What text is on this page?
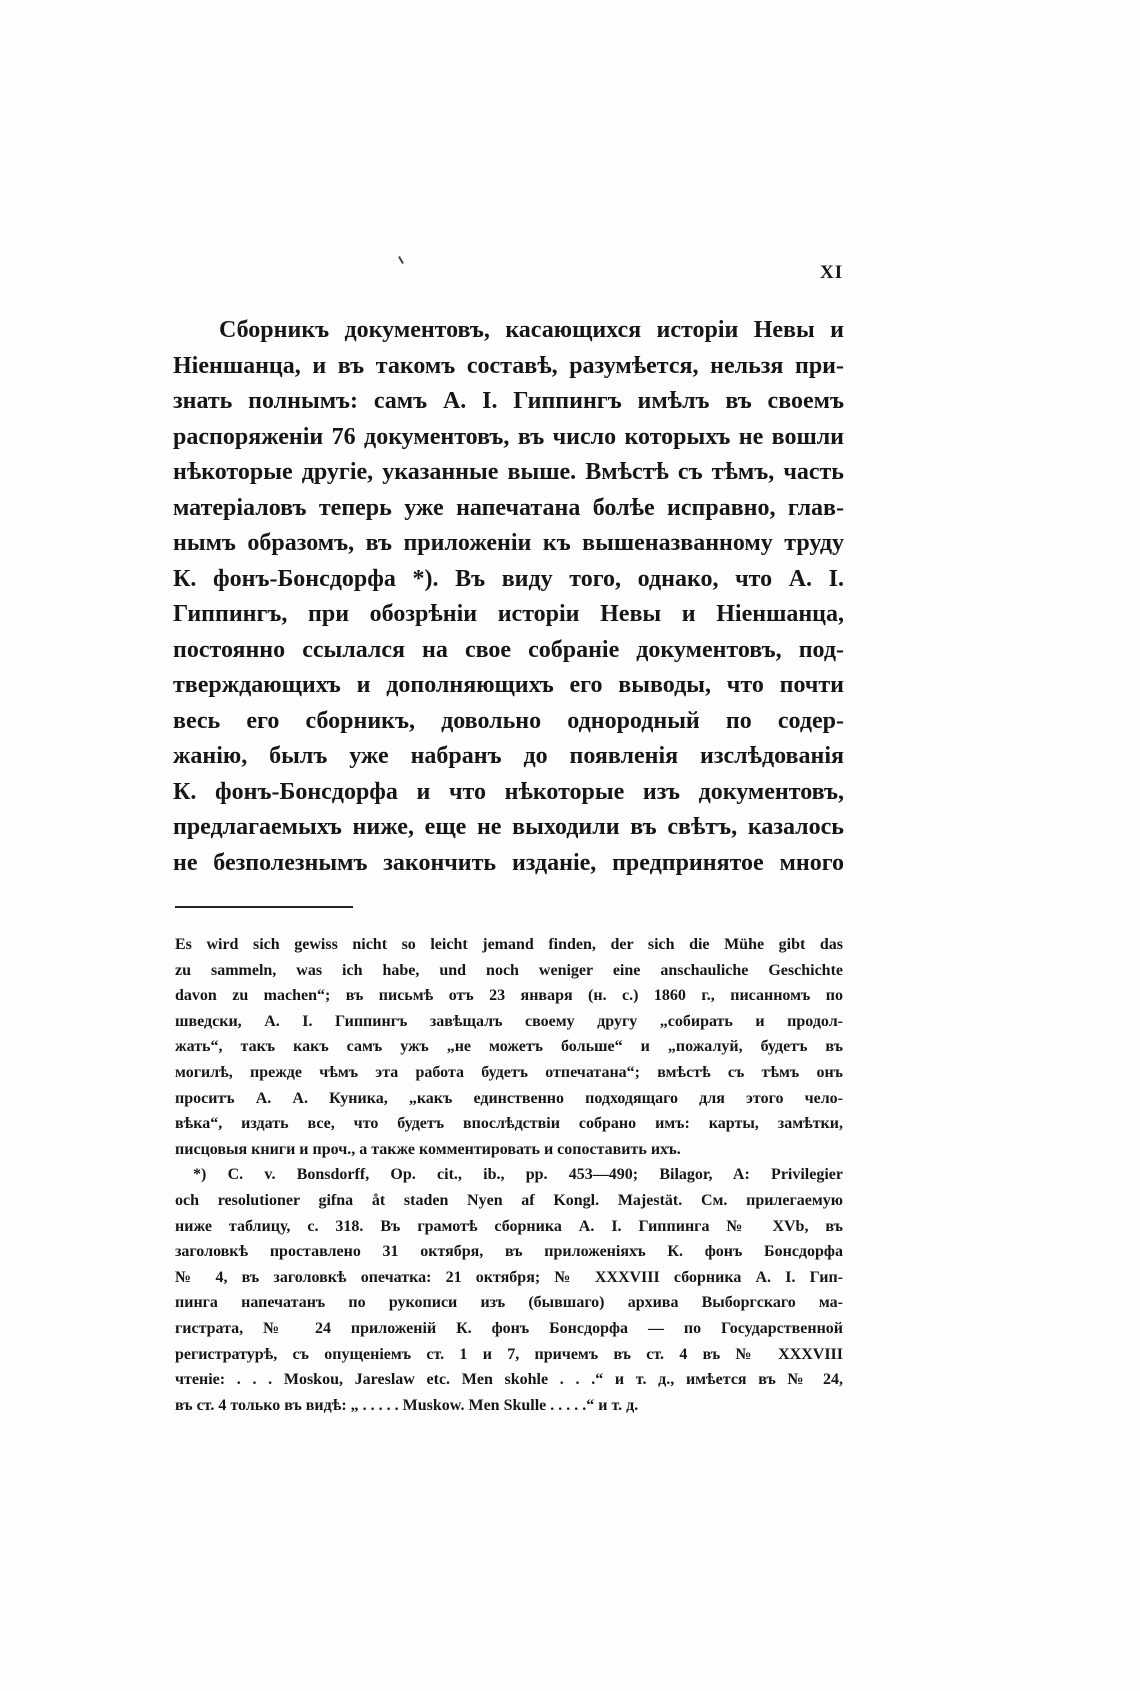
XI
Сборникъ документовъ, касающихся исторіи Невы и
Ніеншанца, и въ такомъ составѣ, разумѣется, нельзя при-
знать полнымъ: самъ А. I. Гиппингъ имѣлъ въ своемъ
распоряженіи 76 документовъ, въ число которыхъ не вошли
нѣкоторые другіе, указанные выше. Вмѣстѣ съ тѣмъ, часть
матеріаловъ теперь уже напечатана болѣе исправно, глав-
нымъ образомъ, въ приложеніи къ вышеназванному труду
К. фонъ-Бонсдорфа *). Въ виду того, однако, что А. I.
Гиппингъ, при обозрѣніи исторіи Невы и Ніеншанца,
постоянно ссылался на свое собраніе документовъ, под-
тверждающихъ и дополняющихъ его выводы, что почти
весь его сборникъ, довольно однородный по содер-
жанію, былъ уже набранъ до появленія изслѣдованія
К. фонъ-Бонсдорфа и что нѣкоторые изъ документовъ,
предлагаемыхъ ниже, еще не выходили въ свѣтъ, казалось
не безполезнымъ закончить изданіе, предпринятое много
Es wird sich gewiss nicht so leicht jemand finden, der sich die Mühe gibt das
zu sammeln, was ich habe, und noch weniger eine anschauliche Geschichte
davon zu machen“; въ письмѣ отъ 23 января (н. с.) 1860 г., писанномъ по
шведски, А. I. Гиппингъ завѣщалъ своему другу „собирать и продол-
жать“, такъ какъ самъ ужъ „не можетъ больше“ и „пожалуй, будетъ въ
могилѣ, прежде чѣмъ эта работа будетъ отпечатана“; вмѣстѣ съ тѣмъ онъ
проситъ А. А. Куника, „какъ единственно подходящаго для этого чело-
вѣка“, издать все, что будетъ впослѣдствіи собрано имъ: карты, замѣтки,
писцовыя книги и проч., а также комментировать и сопоставить ихъ.
*) C. v. Bonsdorff, Op. cit., ib., pp. 453—490; Bilagor, A: Privilegier
och resolutioner gifna åt staden Nyen af Kongl. Majestät. См. прилегаемую
ниже таблицу, с. 318. Въ грамотѣ сборника А. I. Гиппинга № XVb, въ
заголовкѣ проставлено 31 октября, въ приложеніяхъ К. фонъ Бонсдорфа
№ 4, въ заголовкѣ опечатка: 21 октября; № XXXVIII сборника А. I. Гип-
пинга напечатанъ по рукописи изъ (бывшаго) архива Выборгскаго ма-
гистрата, № 24 приложеній К. фонъ Бонсдорфа — по Государственной
регистратурѣ, съ опущеніемъ ст. 1 и 7, причемъ въ ст. 4 въ № XXXVIII
чтеніе: . . . Moskou, Jareslaw etc. Men skohle . . .“ и т. д., имѣется въ № 24,
въ ст. 4 только въ видѣ: „ . . . . . Muskow. Men Skulle . . . . .“ и т. д.
